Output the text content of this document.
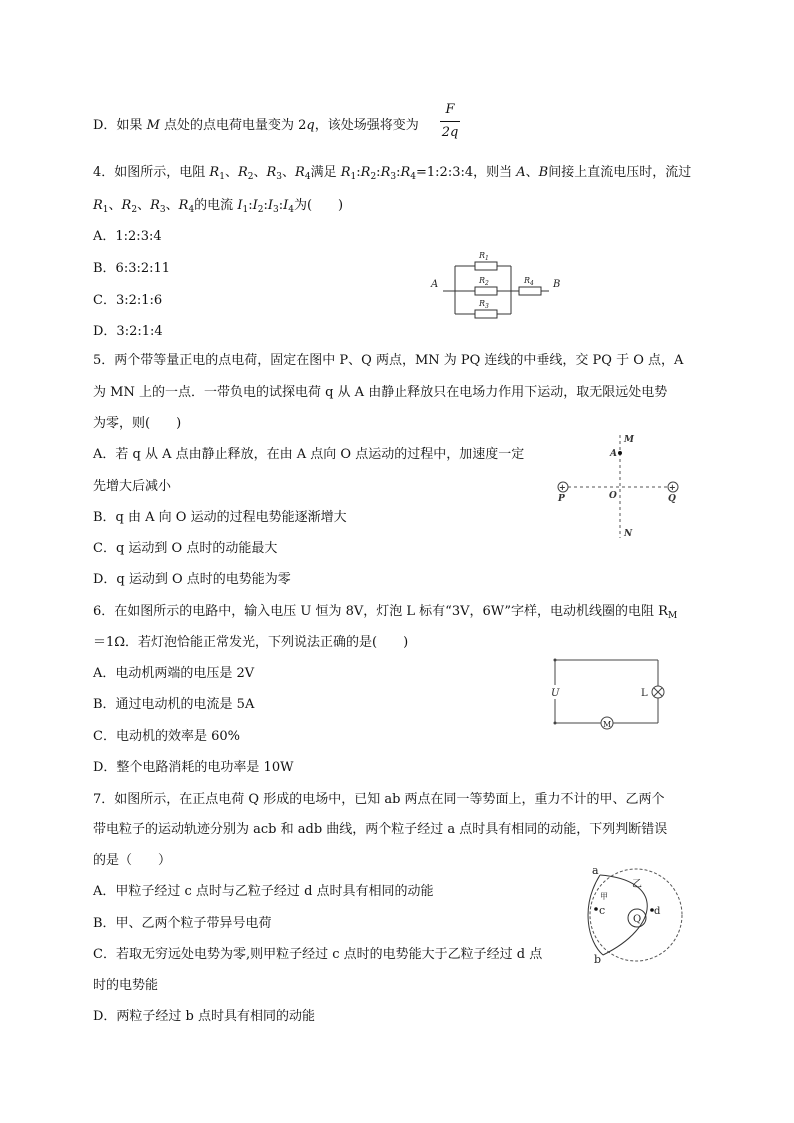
D．如果 M 点处的点电荷电量变为 2q，该处场强将变为
F
2q
4．如图所示，电阻 $R_1$、$R_2$、$R_3$、$R_4$满足 $R_1:R_2:R_3:R_4=1:2:3:4$，则当 A、B间接上直流电压时，流过
$R_1$、$R_2$、$R_3$、$R_4$的电流 $I_1:I_2:I_3:I_4$为(　　)
A．1:2:3:4
B．6:3:2:11
C．3:2:1:6
D．3:2:1:4
A	B
$R_1$
$R_2$
$R_3$
$R_4$
5．两个带等量正电的点电荷，固定在图中 P、Q 两点，MN 为 PQ 连线的中垂线，交 PQ 于 O 点，A
为 MN 上的一点．一带负电的试探电荷 q 从 A 由静止释放只在电场力作用下运动，取无限远处电势
为零，则(　　)
A．若 q 从 A 点由静止释放，在由 A 点向 O 点运动的过程中，加速度一定
先增大后减小
B．q 由 A 向 O 运动的过程电势能逐渐增大
C．q 运动到 O 点时的动能最大
D．q 运动到 O 点时的电势能为零
+	+
M
A
P	O	Q
N
6．在如图所示的电路中，输入电压 U 恒为 8V，灯泡 L 标有“3V，6W”字样，电动机线圈的电阻 $R_M$
＝1Ω．若灯泡恰能正常发光，下列说法正确的是(　　)
A．电动机两端的电压是 2V
B．通过电动机的电流是 5A
C．电动机的效率是 60%
D．整个电路消耗的电功率是 10W
U	L
M
7．如图所示，在正点电荷 Q 形成的电场中，已知 ab 两点在同一等势面上，重力不计的甲、乙两个
带电粒子的运动轨迹分别为 acb 和 adb 曲线，两个粒子经过 a 点时具有相同的动能，下列判断错误
的是（　　）
A．甲粒子经过 c 点时与乙粒子经过 d 点时具有相同的动能
B．甲、乙两个粒子带异号电荷
C．若取无穷远处电势为零,则甲粒子经过 c 点时的电势能大于乙粒子经过 d 点
时的电势能
D．两粒子经过 b 点时具有相同的动能
a
b
c	d
Q
甲
乙
